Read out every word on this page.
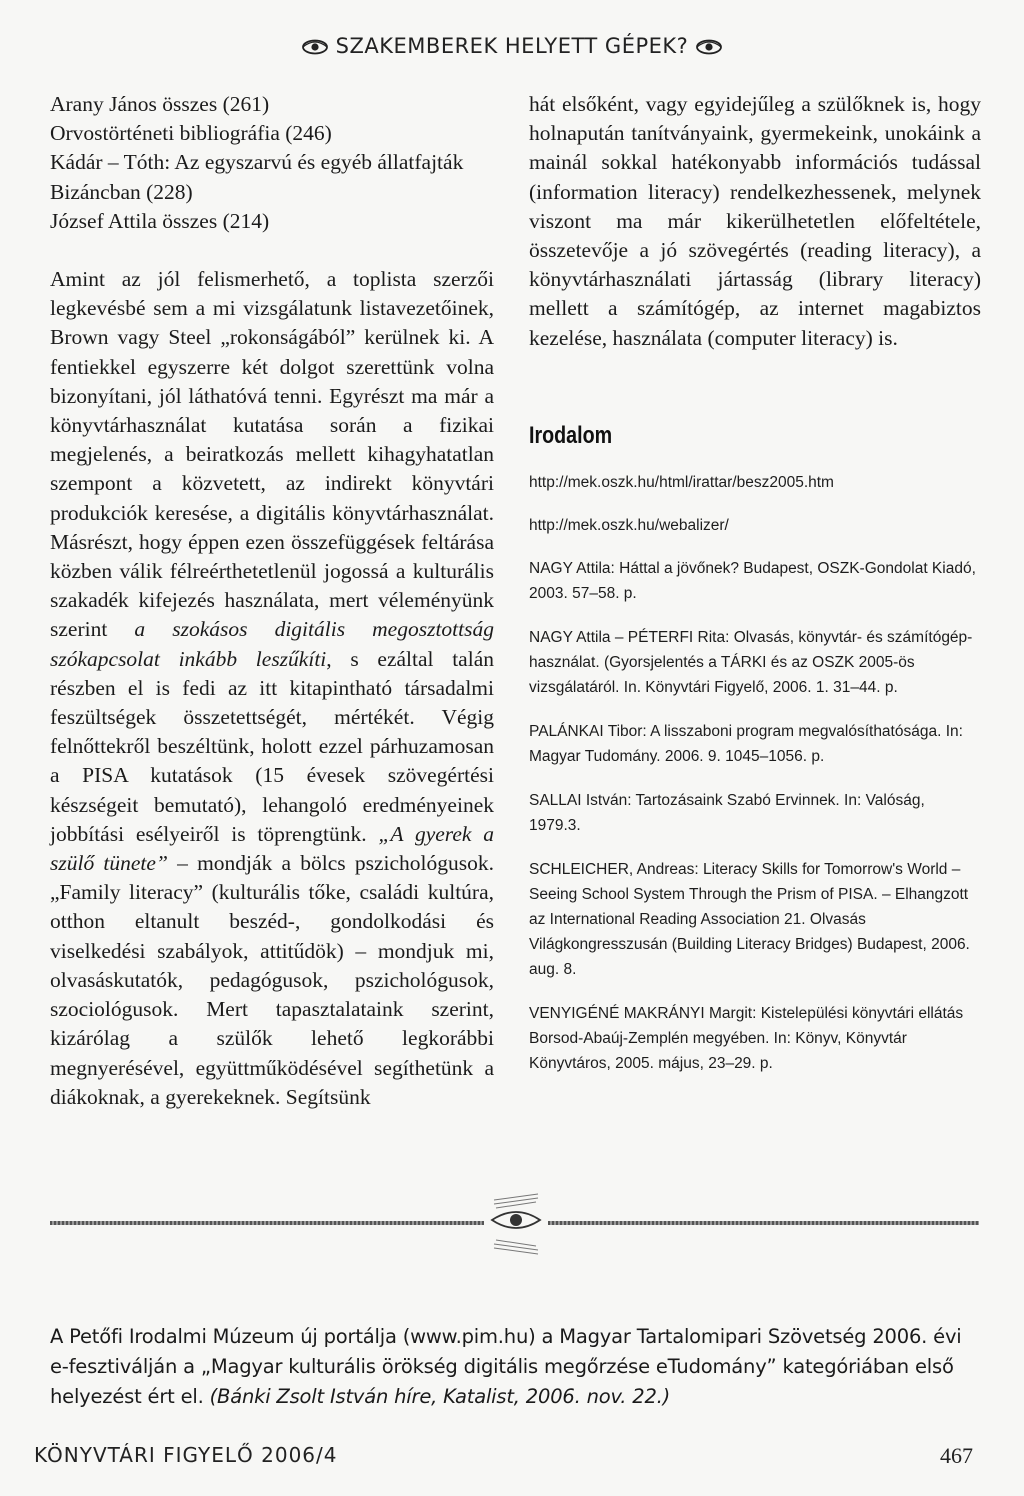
SZAKEMBEREK HELYETT GÉPEK?
Arany János összes (261)
Orvostörténeti bibliográfia (246)
Kádár – Tóth: Az egyszarvú és egyéb állatfajták Bizáncban (228)
József Attila összes (214)
Amint az jól felismerhető, a toplista szerzői legkevésbé sem a mi vizsgálatunk listavezetőinek, Brown vagy Steel „rokonságából” kerülnek ki. A fentiekkel egyszerre két dolgot szerettünk volna bizonyítani, jól láthatóvá tenni. Egyrészt ma már a könyvtárhasználat kutatása során a fizikai megjelenés, a beiratkozás mellett kihagyhatatlan szempont a közvetett, az indirekt könyvtári produkciók keresése, a digitális könyvtárhasználat. Másrészt, hogy éppen ezen összefüggések feltárása közben válik félreérthetetlenül jogossá a kulturális szakadék kifejezés használata, mert véleményünk szerint a szokásos digitális megosztottság szókapcsolat inkább leszűkíti, s ezáltal talán részben el is fedi az itt kitapintható társadalmi feszültségek összetettségét, mértékét. Végig felnőttekről beszéltünk, holott ezzel párhuzamosan a PISA kutatások (15 évesek szövegértési készségeit bemutató), lehangoló eredményeinek jobbítási esélyeiről is töprengtünk. „A gyerek a szülő tünete” – mondják a bölcs pszichológusok. „Family literacy” (kulturális tőke, családi kultúra, otthon eltanult beszéd-, gondolkodási és viselkedési szabályok, attitűdök) – mondjuk mi, olvasáskutatók, pedagógusok, pszichológusok, szociológusok. Mert tapasztalataink szerint, kizárólag a szülők lehető legkorábbi megnyerésével, együttműködésével segíthetünk a diákoknak, a gyerekeknek. Segítsünk
hát elsőként, vagy egyidejűleg a szülőknek is, hogy holnapután tanítványaink, gyermekeink, unokáink a mainál sokkal hatékonyabb információs tudással (information literacy) rendelkezhessenek, melynek viszont ma már kikerülhetetlen előfeltétele, összetevője a jó szövegértés (reading literacy), a könyvtárhasználati jártasság (library literacy) mellett a számítógép, az internet magabiztos kezelése, használata (computer literacy) is.
Irodalom
http://mek.oszk.hu/html/irattar/besz2005.htm
http://mek.oszk.hu/webalizer/
NAGY Attila: Háttal a jövőnek? Budapest, OSZK-Gondolat Kiadó, 2003. 57–58. p.
NAGY Attila – PÉTERFI Rita: Olvasás, könyvtár- és számítógép-használat. (Gyorsjelentés a TÁRKI és az OSZK 2005-ös vizsgálatáról. In. Könyvtári Figyelő, 2006. 1. 31–44. p.
PALÁNKAI Tibor: A lisszaboni program megvalósíthatósága. In: Magyar Tudomány. 2006. 9. 1045–1056. p.
SALLAI István: Tartozásaink Szabó Ervinnek. In: Valóság, 1979.3.
SCHLEICHER, Andreas: Literacy Skills for Tomorrow's World – Seeing School System Through the Prism of PISA. – Elhangzott az International Reading Association 21. Olvasás Világkongresszusán (Building Literacy Bridges) Budapest, 2006. aug. 8.
VENYIGÉNÉ MAKRÁNYI Margit: Kistelepülési könyvtári ellátás Borsod-Abaúj-Zemplén megyében. In: Könyv, Könyvtár Könyvtáros, 2005. május, 23–29. p.
A Petőfi Irodalmi Múzeum új portálja (www.pim.hu) a Magyar Tartalomipari Szövetség 2006. évi e-fesztiválján a „Magyar kulturális örökség digitális megőrzése eTudomány” kategóriában első helyezést ért el. (Bánki Zsolt István híre, Katalist, 2006. nov. 22.)
KÖNYVTÁRI FIGYELŐ 2006/4	467
